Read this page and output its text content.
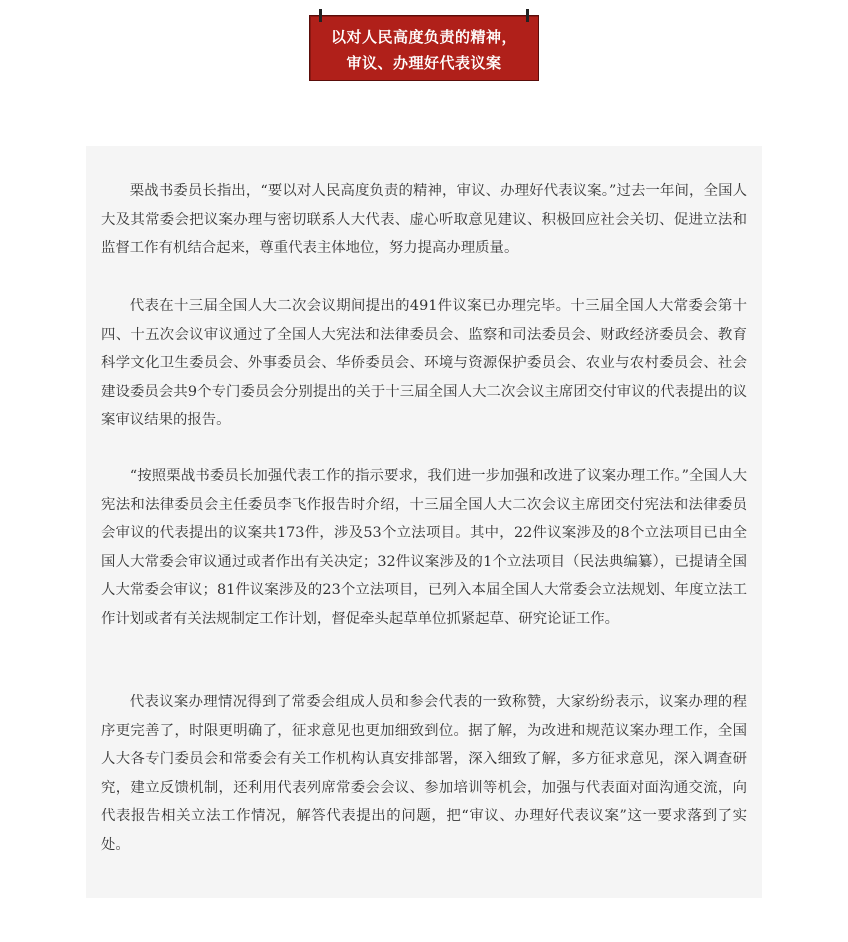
以对人民高度负责的精神，
审议、办理好代表议案

栗战书委员长指出，“要以对人民高度负责的精神，审议、办理好代表议案。”过去一年间，全国人大及其常委会把议案办理与密切联系人大代表、虚心听取意见建议、积极回应社会关切、促进立法和监督工作有机结合起来，尊重代表主体地位，努力提高办理质量。

代表在十三届全国人大二次会议期间提出的491件议案已办理完毕。十三届全国人大常委会第十四、十五次会议审议通过了全国人大宪法和法律委员会、监察和司法委员会、财政经济委员会、教育科学文化卫生委员会、外事委员会、华侨委员会、环境与资源保护委员会、农业与农村委员会、社会建设委员会共9个专门委员会分别提出的关于十三届全国人大二次会议主席团交付审议的代表提出的议案审议结果的报告。

“按照栗战书委员长加强代表工作的指示要求，我们进一步加强和改进了议案办理工作。”全国人大宪法和法律委员会主任委员李飞作报告时介绍，十三届全国人大二次会议主席团交付宪法和法律委员会审议的代表提出的议案共173件，涉及53个立法项目。其中，22件议案涉及的8个立法项目已由全国人大常委会审议通过或者作出有关决定；32件议案涉及的1个立法项目（民法典编纂），已提请全国人大常委会审议；81件议案涉及的23个立法项目，已列入本届全国人大常委会立法规划、年度立法工作计划或者有关法规制定工作计划，督促牵头起草单位抓紧起草、研究论证工作。

代表议案办理情况得到了常委会组成人员和参会代表的一致称赞，大家纷纷表示，议案办理的程序更完善了，时限更明确了，征求意见也更加细致到位。据了解，为改进和规范议案办理工作，全国人大各专门委员会和常委会有关工作机构认真安排部署，深入细致了解，多方征求意见，深入调查研究，建立反馈机制，还利用代表列席常委会会议、参加培训等机会，加强与代表面对面沟通交流，向代表报告相关立法工作情况，解答代表提出的问题，把“审议、办理好代表议案”这一要求落到了实处。
